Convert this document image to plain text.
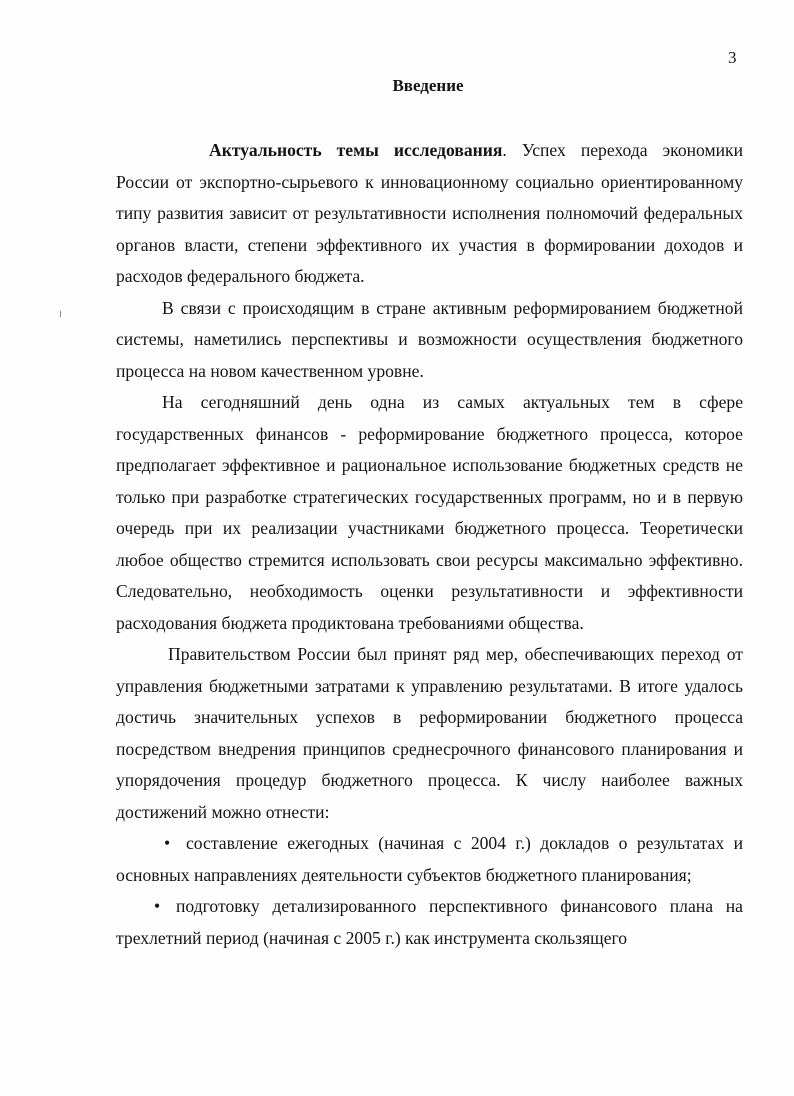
3
Введение

Актуальность темы исследования. Успех перехода экономики России от экспортно-сырьевого к инновационному социально ориентированному типу развития зависит от результативности исполнения полномочий федеральных органов власти, степени эффективного их участия в формировании доходов и расходов федерального бюджета.

В связи с происходящим в стране активным реформированием бюджетной системы, наметились перспективы и возможности осуществления бюджетного процесса на новом качественном уровне.

На сегодняшний день одна из самых актуальных тем в сфере государственных финансов - реформирование бюджетного процесса, которое предполагает эффективное и рациональное использование бюджетных средств не только при разработке стратегических государственных программ, но и в первую очередь при их реализации участниками бюджетного процесса. Теоретически любое общество стремится использовать свои ресурсы максимально эффективно. Следовательно, необходимость оценки результативности и эффективности расходования бюджета продиктована требованиями общества.

Правительством России был принят ряд мер, обеспечивающих переход от управления бюджетными затратами к управлению результатами. В итоге удалось достичь значительных успехов в реформировании бюджетного процесса посредством внедрения принципов среднесрочного финансового планирования и упорядочения процедур бюджетного процесса. К числу наиболее важных достижений можно отнести:

• составление ежегодных (начиная с 2004 г.) докладов о результатах и основных направлениях деятельности субъектов бюджетного планирования;

• подготовку детализированного перспективного финансового плана на трехлетний период (начиная с 2005 г.) как инструмента скользящего
